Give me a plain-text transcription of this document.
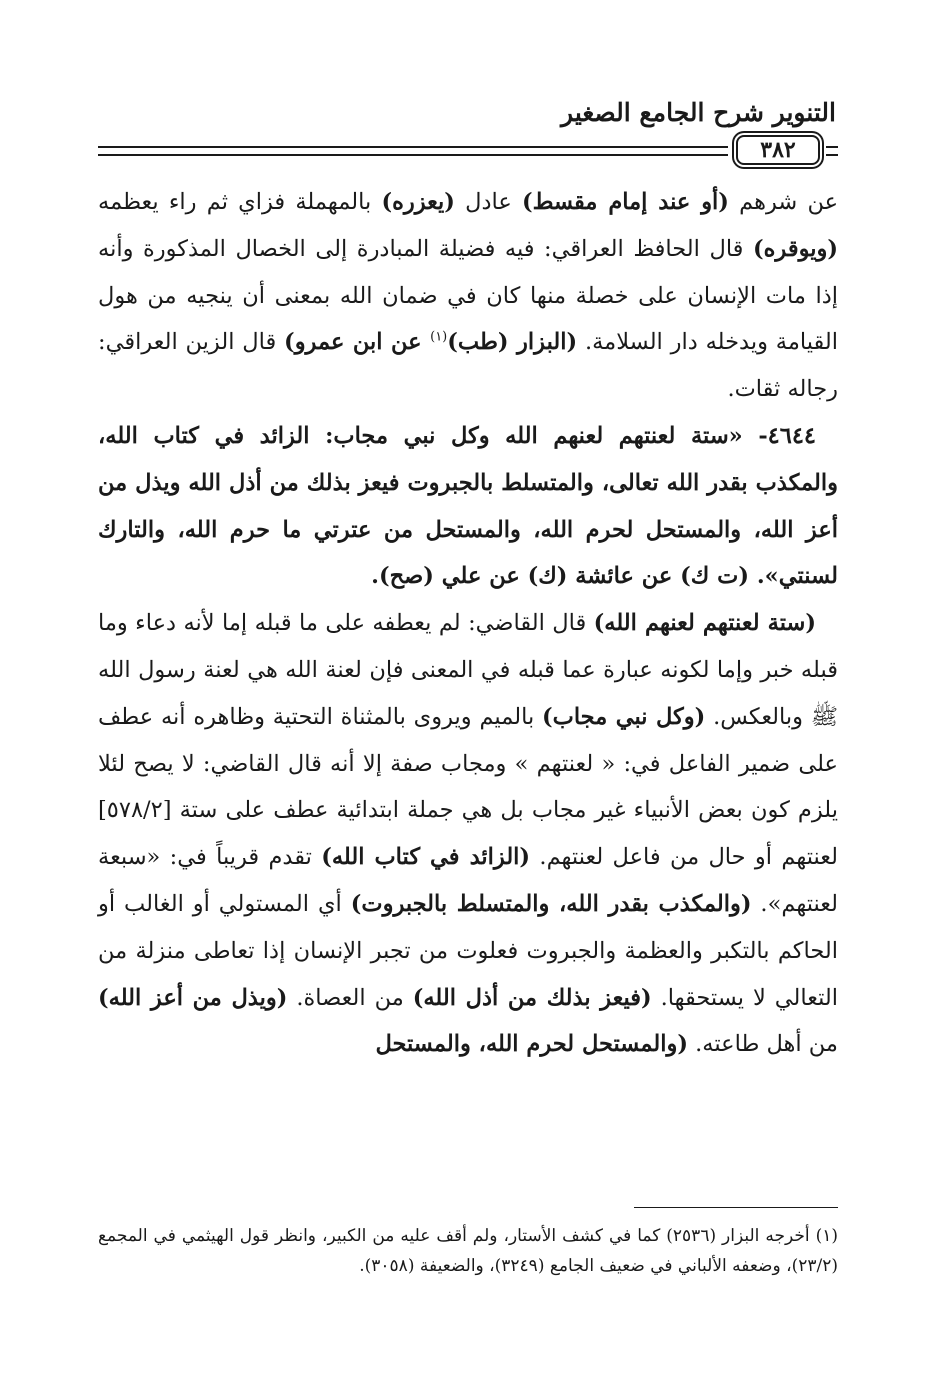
التنوير شرح الجامع الصغير
٣٨٢

عن شرهم (أو عند إمام مقسط) عادل (يعزره) بالمهملة فزاي ثم راء يعظمه (ويوقره) قال الحافظ العراقي: فيه فضيلة المبادرة إلى الخصال المذكورة وأنه إذا مات الإنسان على خصلة منها كان في ضمان الله بمعنى أن ينجيه من هول القيامة ويدخله دار السلامة. (البزار (طب)$^{(١)}$ عن ابن عمرو) قال الزين العراقي: رجاله ثقات.

٤٦٤٤- «ستة لعنتهم لعنهم الله وكل نبي مجاب: الزائد في كتاب الله، والمكذب بقدر الله تعالى، والمتسلط بالجبروت فيعز بذلك من أذل الله ويذل من أعز الله، والمستحل لحرم الله، والمستحل من عترتي ما حرم الله، والتارك لسنتي». (ت ك) عن عائشة (ك) عن علي (صح).

(ستة لعنتهم لعنهم الله) قال القاضي: لم يعطفه على ما قبله إما لأنه دعاء وما قبله خبر وإما لكونه عبارة عما قبله في المعنى فإن لعنة الله هي لعنة رسول الله ﷺ وبالعكس. (وكل نبي مجاب) بالميم ويروى بالمثناة التحتية وظاهره أنه عطف على ضمير الفاعل في: « لعنتهم » ومجاب صفة إلا أنه قال القاضي: لا يصح لئلا يلزم كون بعض الأنبياء غير مجاب بل هي جملة ابتدائية عطف على ستة [٥٧٨/٢] لعنتهم أو حال من فاعل لعنتهم. (الزائد في كتاب الله) تقدم قريباً في: «سبعة لعنتهم». (والمكذب بقدر الله، والمتسلط بالجبروت) أي المستولي أو الغالب أو الحاكم بالتكبر والعظمة والجبروت فعلوت من تجبر الإنسان إذا تعاطى منزلة من التعالي لا يستحقها. (فيعز بذلك من أذل الله) من العصاة. (ويذل من أعز الله) من أهل طاعته. (والمستحل لحرم الله، والمستحل

(١) أخرجه البزار (٢٥٣٦) كما في كشف الأستار، ولم أقف عليه من الكبير، وانظر قول الهيثمي في المجمع (٢٣/٢)، وضعفه الألباني في ضعيف الجامع (٣٢٤٩)، والضعيفة (٣٠٥٨).
